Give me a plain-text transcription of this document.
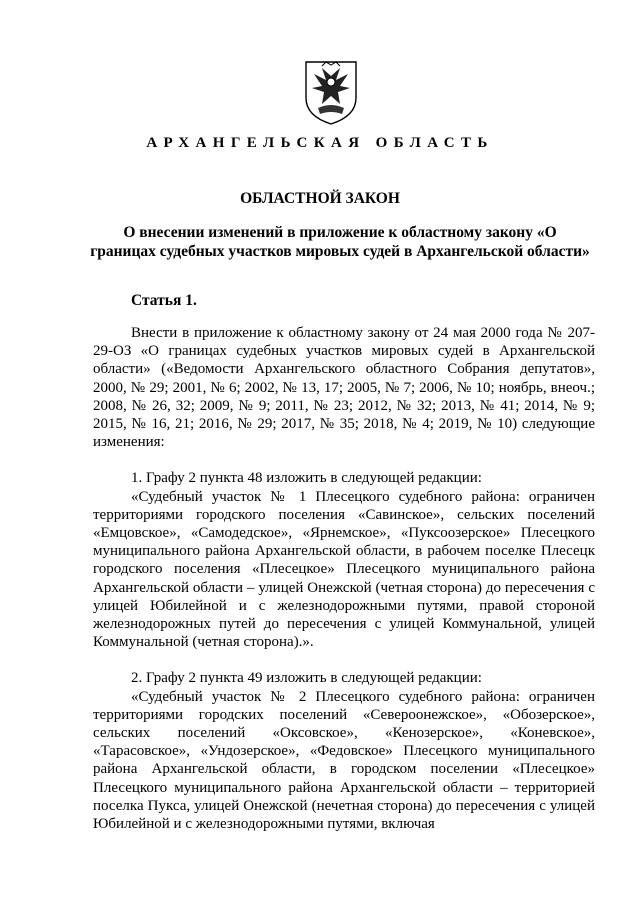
АРХАНГЕЛЬСКАЯ ОБЛАСТЬ
ОБЛАСТНОЙ ЗАКОН
О внесении изменений в приложение к областному закону «О границах судебных участков мировых судей в Архангельской области»
Статья 1.

Внести в приложение к областному закону от 24 мая 2000 года № 207-29-ОЗ «О границах судебных участков мировых судей в Архангельской области» («Ведомости Архангельского областного Собрания депутатов», 2000, № 29; 2001, № 6; 2002, № 13, 17; 2005, № 7; 2006, № 10; ноябрь, внеоч.; 2008, № 26, 32; 2009, № 9; 2011, № 23; 2012, № 32; 2013, № 41; 2014, № 9; 2015, № 16, 21; 2016, № 29; 2017, № 35; 2018, № 4; 2019, № 10) следующие изменения:

1. Графу 2 пункта 48 изложить в следующей редакции:

«Судебный участок № 1 Плесецкого судебного района: ограничен территориями городского поселения «Савинское», сельских поселений «Емцовское», «Самодедское», «Ярнемское», «Пуксоозерское» Плесецкого муниципального района Архангельской области, в рабочем поселке Плесецк городского поселения «Плесецкое» Плесецкого муниципального района Архангельской области – улицей Онежской (четная сторона) до пересечения с улицей Юбилейной и с железнодорожными путями, правой стороной железнодорожных путей до пересечения с улицей Коммунальной, улицей Коммунальной (четная сторона).».

2. Графу 2 пункта 49 изложить в следующей редакции:

«Судебный участок № 2 Плесецкого судебного района: ограничен территориями городских поселений «Североонежское», «Обозерское», сельских поселений «Оксовское», «Кенозерское», «Коневское», «Тарасовское», «Ундозерское», «Федовское» Плесецкого муниципального района Архангельской области, в городском поселении «Плесецкое» Плесецкого муниципального района Архангельской области – территорией поселка Пукса, улицей Онежской (нечетная сторона) до пересечения с улицей Юбилейной и с железнодорожными путями, включая
